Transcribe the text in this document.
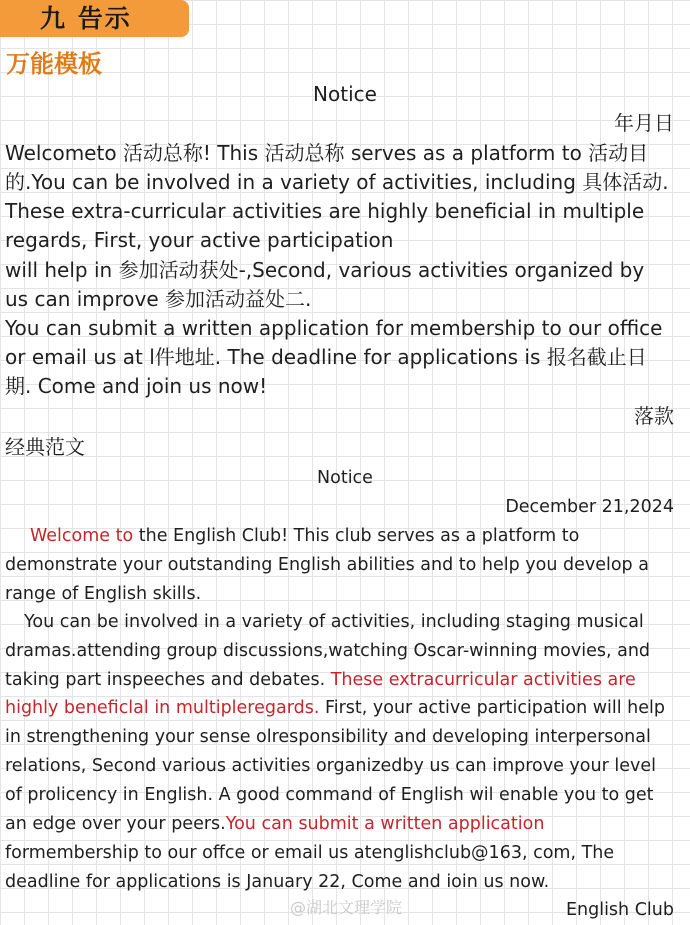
九 告示
万能模板
Notice
年月日
Welcometo 活动总称! This 活动总称 serves as a platform to 活动目
的.You can be involved in a variety of activities, including 具体活动.
These extra-curricular activities are highly beneficial in multiple
regards, First, your active participation
will help in 参加活动获处-,Second, various activities organized by
us can improve 参加活动益处二.
You can submit a written application for membership to our office
or email us at l件地址. The deadline for applications is 报名截止日
期. Come and join us now!
落款
经典范文
Notice
December 21,2024
Welcome to the English Club! This club serves as a platform to
demonstrate your outstanding English abilities and to help you develop a
range of English skills.
You can be involved in a variety of activities, including staging musical
dramas.attending group discussions,watching Oscar-winning movies, and
taking part inspeeches and debates. These extracurricular activities are
highly beneficlal in multipleregards. First, your active participation will help
in strengthening your sense olresponsibility and developing interpersonal
relations, Second various activities organizedby us can improve your level
of prolicency in English. A good command of English wil enable you to get
an edge over your peers.You can submit a written application
formembership to our offce or email us atenglishclub@163, com, The
deadline for applications is January 22, Come and ioin us now.
English Club
@湖北文理学院
